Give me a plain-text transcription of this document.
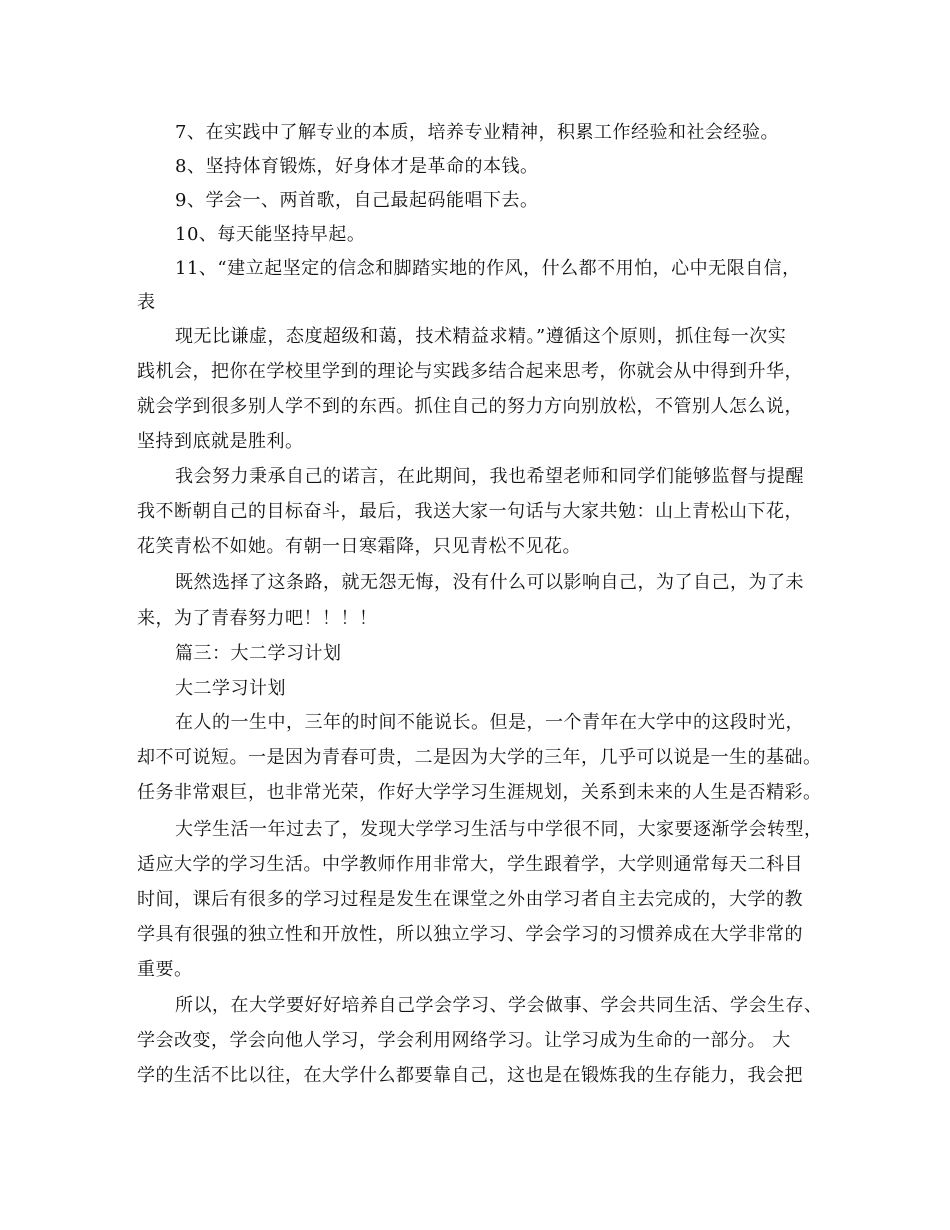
7、在实践中了解专业的本质，培养专业精神，积累工作经验和社会经验。
8、坚持体育锻炼，好身体才是革命的本钱。
9、学会一、两首歌，自己最起码能唱下去。
10、每天能坚持早起。
11、“建立起坚定的信念和脚踏实地的作风，什么都不用怕，心中无限自信，
表
现无比谦虚，态度超级和蔼，技术精益求精。”遵循这个原则，抓住每一次实
践机会，把你在学校里学到的理论与实践多结合起来思考，你就会从中得到升华，
就会学到很多别人学不到的东西。抓住自己的努力方向别放松，不管别人怎么说，
坚持到底就是胜利。
我会努力秉承自己的诺言，在此期间，我也希望老师和同学们能够监督与提醒
我不断朝自己的目标奋斗，最后，我送大家一句话与大家共勉：山上青松山下花，
花笑青松不如她。有朝一日寒霜降，只见青松不见花。
既然选择了这条路，就无怨无悔，没有什么可以影响自己，为了自己，为了未
来，为了青春努力吧！！！！
篇三：大二学习计划
大二学习计划
在人的一生中，三年的时间不能说长。但是，一个青年在大学中的这段时光，
却不可说短。一是因为青春可贵，二是因为大学的三年，几乎可以说是一生的基础。
任务非常艰巨，也非常光荣，作好大学学习生涯规划，关系到未来的人生是否精彩。
大学生活一年过去了，发现大学学习生活与中学很不同，大家要逐渐学会转型，
适应大学的学习生活。中学教师作用非常大，学生跟着学，大学则通常每天二科目
时间，课后有很多的学习过程是发生在课堂之外由学习者自主去完成的，大学的教
学具有很强的独立性和开放性，所以独立学习、学会学习的习惯养成在大学非常的
重要。
所以，在大学要好好培养自己学会学习、学会做事、学会共同生活、学会生存、
学会改变，学会向他人学习，学会利用网络学习。让学习成为生命的一部分。 大
学的生活不比以往，在大学什么都要靠自己，这也是在锻炼我的生存能力，我会把
